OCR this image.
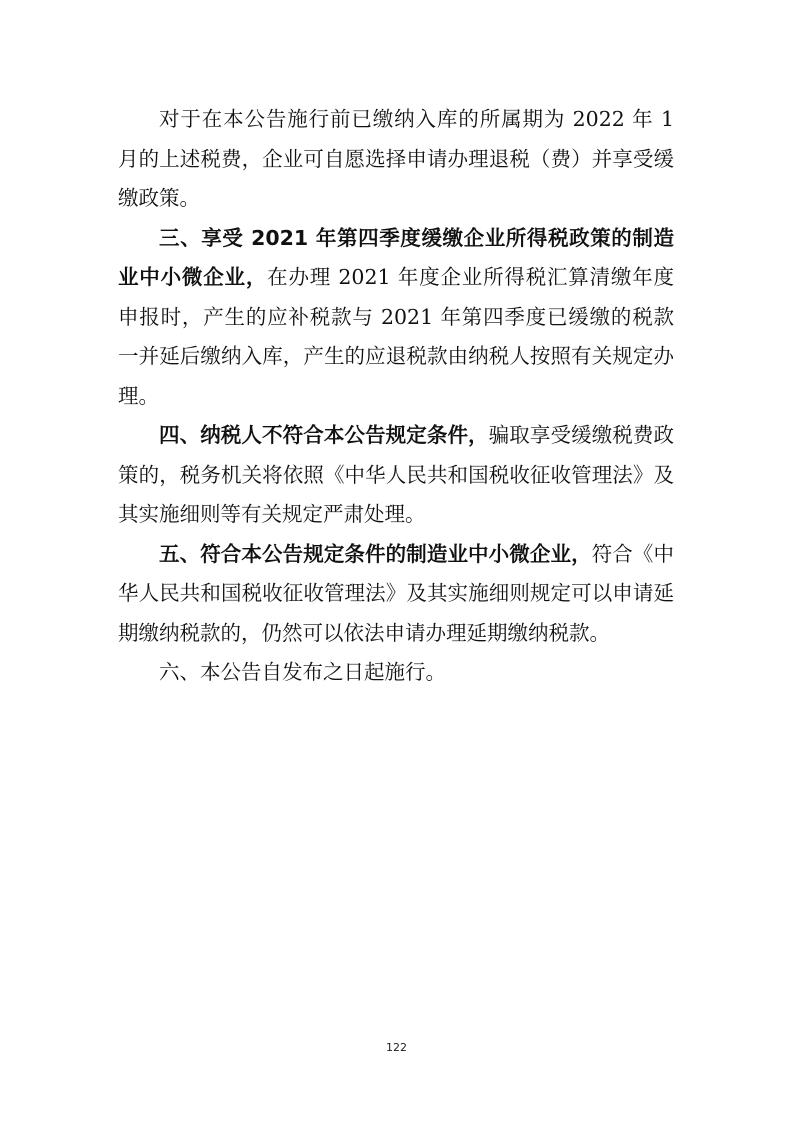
对于在本公告施行前已缴纳入库的所属期为 2022 年 1 月的上述税费，企业可自愿选择申请办理退税（费）并享受缓缴政策。

三、享受 2021 年第四季度缓缴企业所得税政策的制造业中小微企业，在办理 2021 年度企业所得税汇算清缴年度申报时，产生的应补税款与 2021 年第四季度已缓缴的税款一并延后缴纳入库，产生的应退税款由纳税人按照有关规定办理。

四、纳税人不符合本公告规定条件，骗取享受缓缴税费政策的，税务机关将依照《中华人民共和国税收征收管理法》及其实施细则等有关规定严肃处理。

五、符合本公告规定条件的制造业中小微企业，符合《中华人民共和国税收征收管理法》及其实施细则规定可以申请延期缴纳税款的，仍然可以依法申请办理延期缴纳税款。

六、本公告自发布之日起施行。

122
